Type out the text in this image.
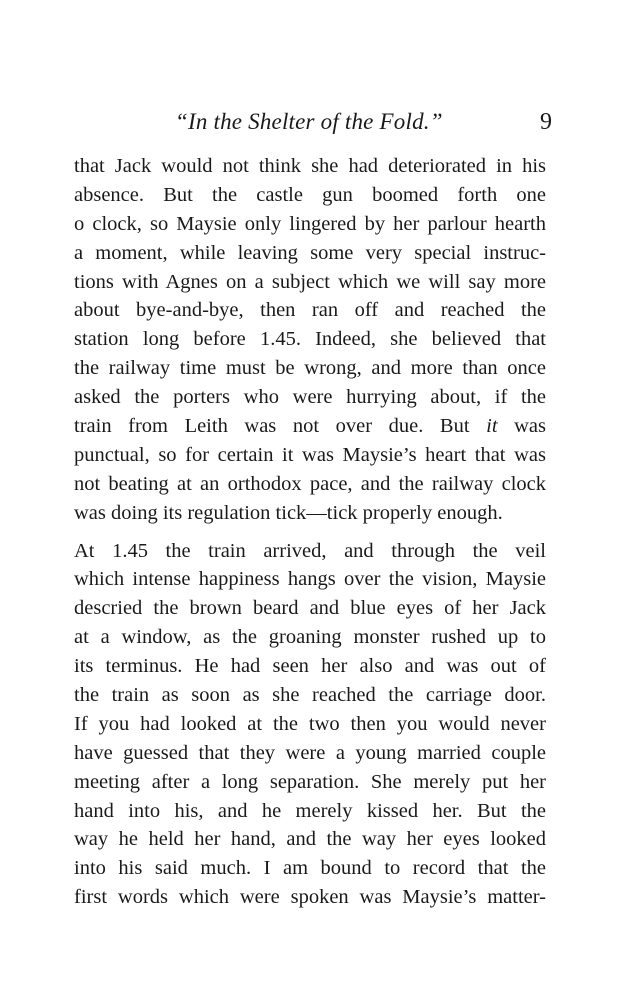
“In the Shelter of the Fold.”	9
that Jack would not think she had deteriorated in his
absence. But the castle gun boomed forth one
o clock, so Maysie only lingered by her parlour hearth
a moment, while leaving some very special instruc-
tions with Agnes on a subject which we will say more
about bye-and-bye, then ran off and reached the
station long before 1.45. Indeed, she believed that
the railway time must be wrong, and more than once
asked the porters who were hurrying about, if the
train from Leith was not over due. But it was
punctual, so for certain it was Maysie’s heart that was
not beating at an orthodox pace, and the railway clock
was doing its regulation tick—tick properly enough.
At 1.45 the train arrived, and through the veil
which intense happiness hangs over the vision, Maysie
descried the brown beard and blue eyes of her Jack
at a window, as the groaning monster rushed up to
its terminus. He had seen her also and was out of
the train as soon as she reached the carriage door.
If you had looked at the two then you would never
have guessed that they were a young married couple
meeting after a long separation. She merely put her
hand into his, and he merely kissed her. But the
way he held her hand, and the way her eyes looked
into his said much. I am bound to record that the
first words which were spoken was Maysie’s matter-
